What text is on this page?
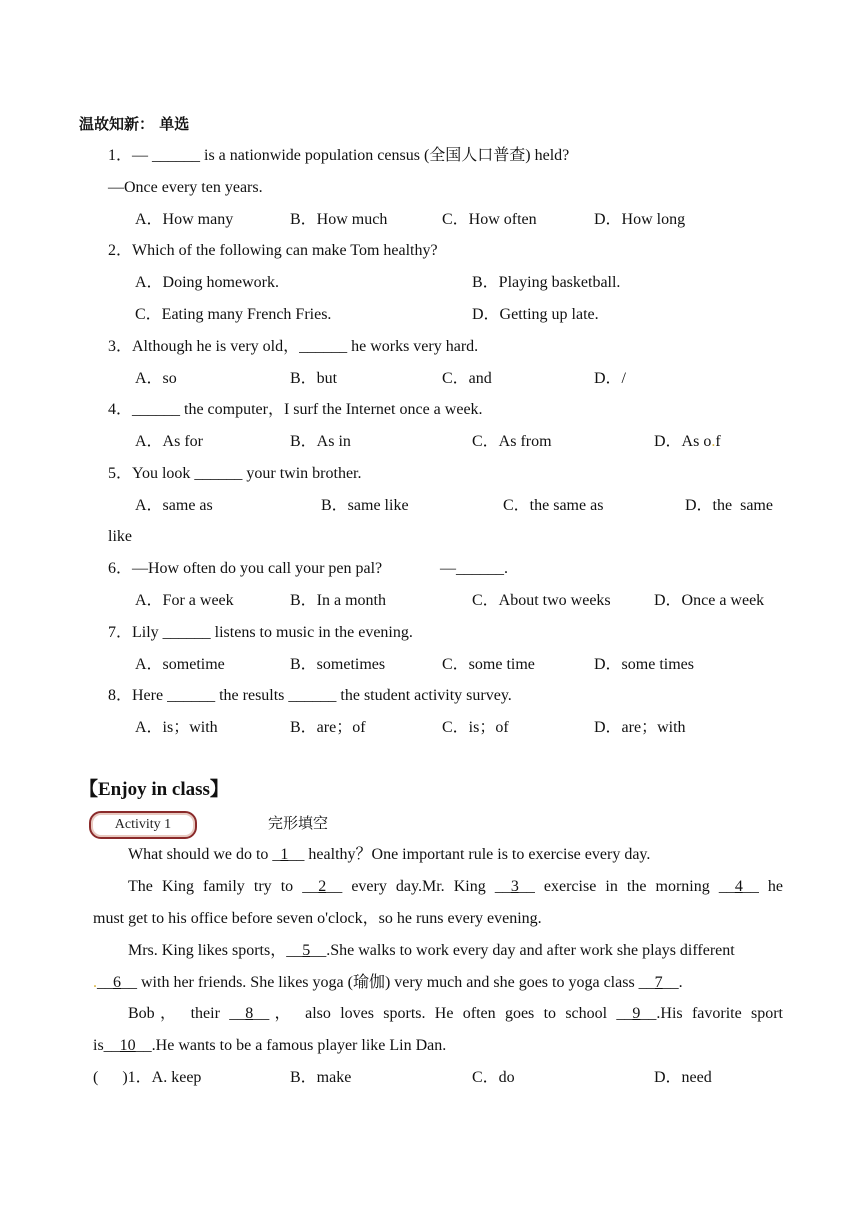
温故知新： 单选
1．— ______ is a nationwide population census (全国人口普查) held?
—Once every ten years.
A．How many	B．How much	C．How often	D．How long
2．Which of the following can make Tom healthy?
A．Doing homework.	B．Playing basketball.
C．Eating many French Fries.	D．Getting up late.
3．Although he is very old，______ he works very hard.
A．so	B．but	C．and	D．/
4．______ the computer，I surf the Internet once a week.
A．As for	B．As in	C．As from	D．As o.f
5．You look ______ your twin brother.
A．same as	B．same like	C．the same as	D．the same
like
6．—How often do you call your pen pal?	—______.
A．For a week	B．In a month	C．About two weeks	D．Once a week
7．Lily ______ listens to music in the evening.
A．sometime	B．sometimes	C．some time	D．some times
8．Here ______ the results ______ the student activity survey.
A．is；with	B．are；of	C．is；of	D．are；with
【Enjoy in class】
Activity 1	完形填空
What should we do to _1__ healthy？One important rule is to exercise every day.
The King family try to __2__ every day.Mr. King __3__ exercise in the morning __4__ he
must get to his office before seven o'clock，so he runs every evening.
Mrs. King likes sports，__5__.She walks to work every day and after work she plays different
.__6__ with her friends. She likes yoga (瑜伽) very much and she goes to yoga class __7__.
Bob， their __8__， also loves sports. He often goes to school __9__.His favorite sport
is__10__.He wants to be a famous player like Lin Dan.
(      )1．A. keep	B．make	C．do	D．need
